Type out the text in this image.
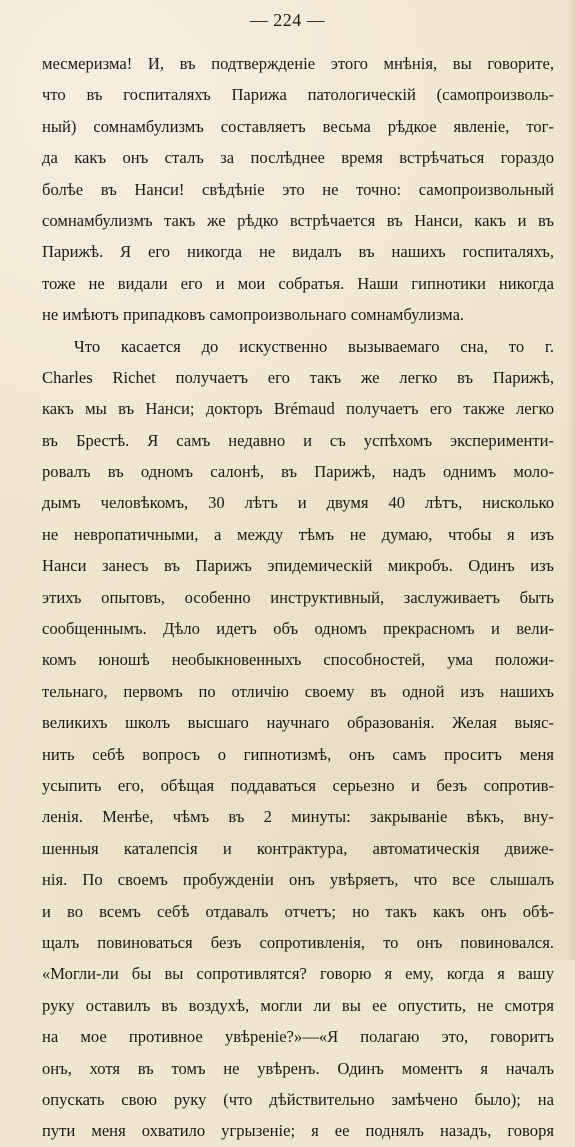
— 224 —
месмеризма! И, въ подтвержденіе этого мнѣнія, вы говорите,
что въ госпиталяхъ Парижа патологическій (самопроизволь-
ный) сомнамбулизмъ составляетъ весьма рѣдкое явленіе, тог-
да какъ онъ сталъ за послѣднее время встрѣчаться гораздо
болѣе въ Нанси! свѣдѣніе это не точно: самопроизвольный
сомнамбулизмъ такъ же рѣдко встрѣчается въ Нанси, какъ и въ
Парижѣ. Я его никогда не видалъ въ нашихъ госпиталяхъ,
тоже не видали его и мои собратья. Наши гипнотики никогда
не имѣютъ припадковъ самопроизвольнаго сомнамбулизма.
Что касается до искуственно вызываемаго сна, то г.
Charles Richet получаетъ его такъ же легко въ Парижѣ,
какъ мы въ Нанси; докторъ Brémaud получаетъ его также легко
въ Брестѣ. Я самъ недавно и съ успѣхомъ эксперименти-
ровалъ въ одномъ салонѣ, въ Парижѣ, надъ однимъ моло-
дымъ человѣкомъ, 30 лѣтъ и двумя 40 лѣтъ, нисколько
не невропатичными, а между тѣмъ не думаю, чтобы я изъ
Нанси занесъ въ Парижъ эпидемическій микробъ. Одинъ изъ
этихъ опытовъ, особенно инструктивный, заслуживаетъ быть
сообщеннымъ. Дѣло идетъ объ одномъ прекрасномъ и вели-
комъ юношѣ необыкновенныхъ способностей, ума положи-
тельнаго, первомъ по отличію своему въ одной изъ нашихъ
великихъ школъ высшаго научнаго образованія. Желая выяс-
нить себѣ вопросъ о гипнотизмѣ, онъ самъ проситъ меня
усыпить его, обѣщая поддаваться серьезно и безъ сопротив-
ленія. Менѣе, чѣмъ въ 2 минуты: закрываніе вѣкъ, вну-
шенныя каталепсія и контрактура, автоматическія движе-
нія. По своемъ пробужденіи онъ увѣряетъ, что все слышалъ
и во всемъ себѣ отдавалъ отчетъ; но такъ какъ онъ обѣ-
щалъ повиноваться безъ сопротивленія, то онъ повиновался.
«Могли-ли бы вы сопротивлятся? говорю я ему, когда я вашу
руку оставилъ въ воздухѣ, могли ли вы ее опустить, не смотря
на мое противное увѣреніе?»—«Я полагаю это, говоритъ
онъ, хотя въ томъ не увѣренъ. Одинъ моментъ я началъ
опускать свою руку (что дѣйствительно замѣчено было); на
пути меня охватило угрызеніе; я ее поднялъ назадъ, говоря
